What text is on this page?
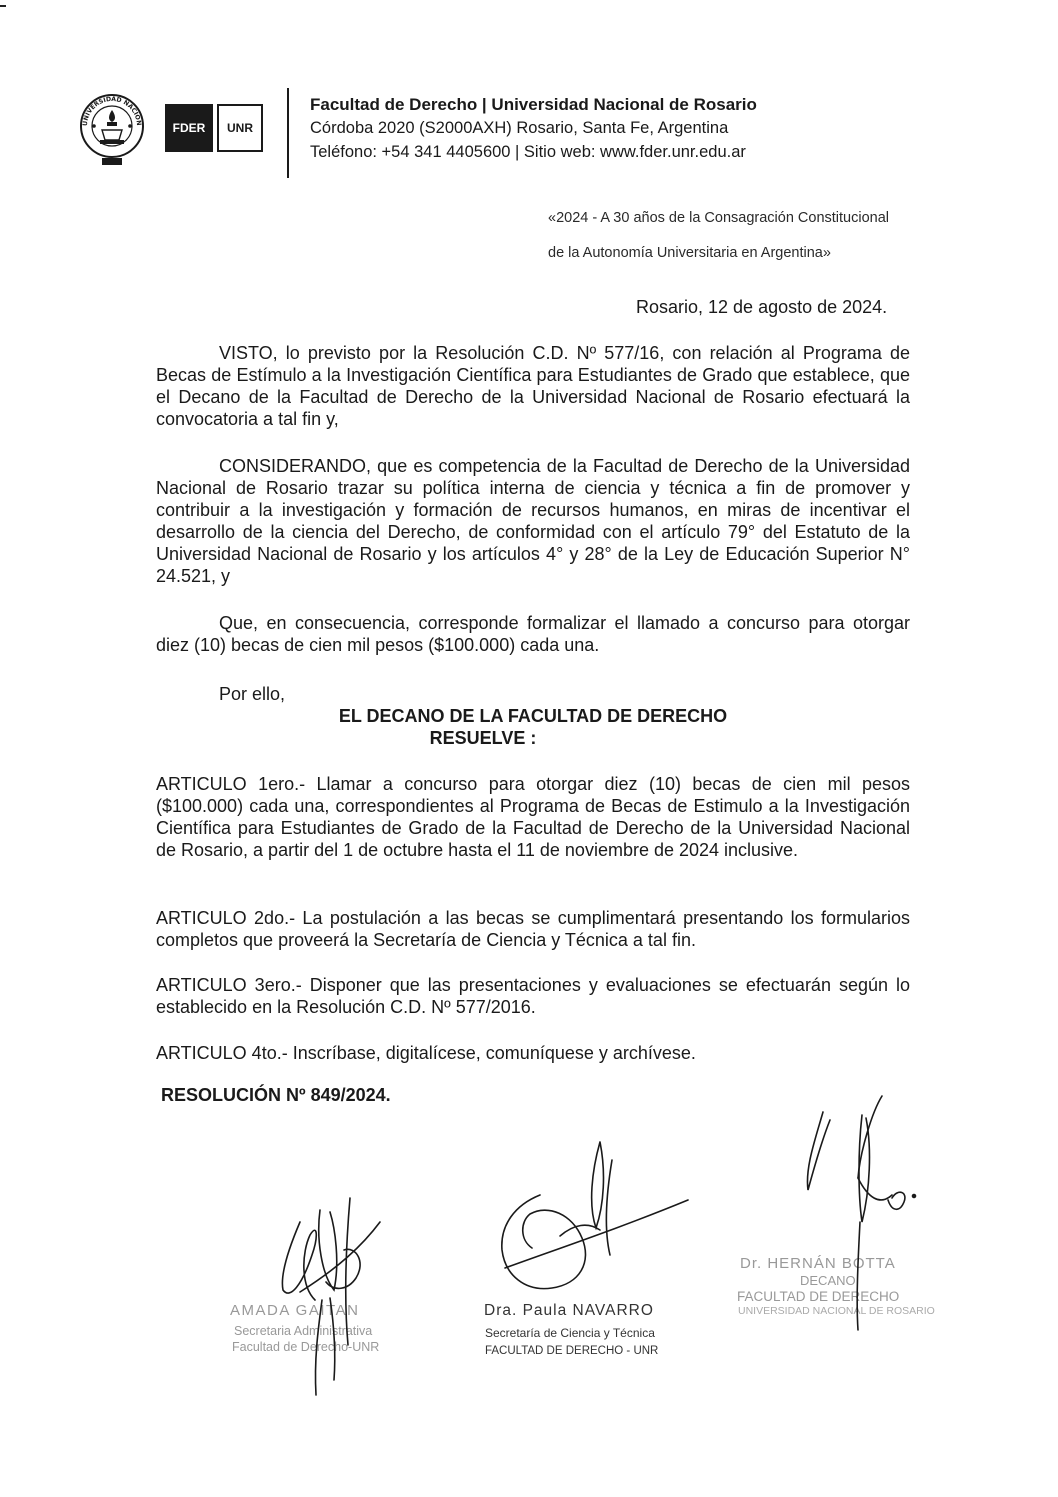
UNIVERSIDAD NACION	FDER	UNR
Facultad de Derecho | Universidad Nacional de Rosario
Córdoba 2020 (S2000AXH) Rosario, Santa Fe, Argentina
Teléfono: +54 341 4405600 | Sitio web: www.fder.unr.edu.ar
«2024 - A 30 años de la Consagración Constitucional
de la Autonomía Universitaria en Argentina»
Rosario, 12 de agosto de 2024.
VISTO, lo previsto por la Resolución C.D. Nº 577/16, con relación al Programa de Becas de Estímulo a la Investigación Científica para Estudiantes de Grado que establece, que el Decano de la Facultad de Derecho de la Universidad Nacional de Rosario efectuará la convocatoria a tal fin y,
CONSIDERANDO, que es competencia de la Facultad de Derecho de la Universidad Nacional de Rosario trazar su política interna de ciencia y técnica a fin de promover y contribuir a la investigación y formación de recursos humanos, en miras de incentivar el desarrollo de la ciencia del Derecho, de conformidad con el artículo 79° del Estatuto de la Universidad Nacional de Rosario y los artículos 4° y 28° de la Ley de Educación Superior N° 24.521, y
Que, en consecuencia, corresponde formalizar el llamado a concurso para otorgar diez (10) becas de cien mil pesos ($100.000) cada una.
Por ello,
EL DECANO DE LA FACULTAD DE DERECHO
RESUELVE :
ARTICULO 1ero.- Llamar a concurso para otorgar diez (10) becas de cien mil pesos ($100.000) cada una, correspondientes al Programa de Becas de Estimulo a la Investigación Científica para Estudiantes de Grado de la Facultad de Derecho de la Universidad Nacional de Rosario, a partir del 1 de octubre hasta el 11 de noviembre de 2024 inclusive.
ARTICULO 2do.- La postulación a las becas se cumplimentará presentando los formularios completos que proveerá la Secretaría de Ciencia y Técnica a tal fin.
ARTICULO 3ero.- Disponer que las presentaciones y evaluaciones se efectuarán según lo establecido en la Resolución C.D. Nº 577/2016.
ARTICULO 4to.- Inscríbase, digitalícese, comuníquese y archívese.
RESOLUCIÓN Nº 849/2024.
AMADA GAITAN
Secretaria Administrativa
Facultad de Derecho-UNR
Dra. Paula NAVARRO
Secretaría de Ciencia y Técnica
FACULTAD DE DERECHO - UNR
Dr. HERNÁN BOTTA
DECANO
FACULTAD DE DERECHO
UNIVERSIDAD NACIONAL DE ROSARIO
